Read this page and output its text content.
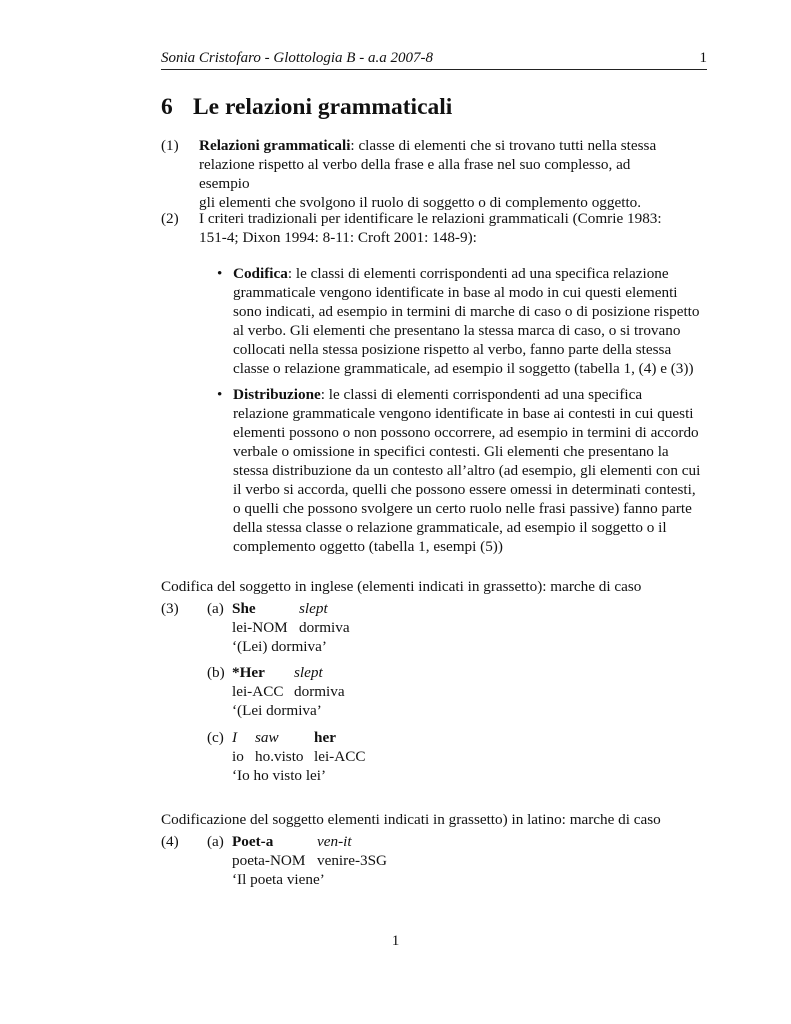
Sonia Cristofaro - Glottologia B - a.a 2007-8	1
6 Le relazioni grammaticali
(1) Relazioni grammaticali: classe di elementi che si trovano tutti nella stessa
relazione rispetto al verbo della frase e alla frase nel suo complesso, ad esempio
gli elementi che svolgono il ruolo di soggetto o di complemento oggetto.
(2) I criteri tradizionali per identificare le relazioni grammaticali (Comrie 1983:
151-4; Dixon 1994: 8-11: Croft 2001: 148-9):
• Codifica: le classi di elementi corrispondenti ad una specifica relazione
grammaticale vengono identificate in base al modo in cui questi elementi
sono indicati, ad esempio in termini di marche di caso o di posizione rispetto
al verbo. Gli elementi che presentano la stessa marca di caso, o si trovano
collocati nella stessa posizione rispetto al verbo, fanno parte della stessa
classe o relazione grammaticale, ad esempio il soggetto (tabella 1, (4) e (3))
• Distribuzione: le classi di elementi corrispondenti ad una specifica
relazione grammaticale vengono identificate in base ai contesti in cui questi
elementi possono o non possono occorrere, ad esempio in termini di accordo
verbale o omissione in specifici contesti. Gli elementi che presentano la
stessa distribuzione da un contesto all’altro (ad esempio, gli elementi con cui
il verbo si accorda, quelli che possono essere omessi in determinati contesti,
o quelli che possono svolgere un certo ruolo nelle frasi passive) fanno parte
della stessa classe o relazione grammaticale, ad esempio il soggetto o il
complemento oggetto (tabella 1, esempi (5))
Codifica del soggetto in inglese (elementi indicati in grassetto): marche di caso
(3) (a) She	slept
lei-NOM dormiva
‘(Lei) dormiva’
(b) *Her slept
lei-ACC dormiva
‘(Lei dormiva’
(c) I saw her
io ho.visto lei-ACC
‘Io ho visto lei’
Codificazione del soggetto elementi indicati in grassetto) in latino: marche di caso
(4) (a) Poet-a	ven-it
poeta-NOM venire-3SG
‘Il poeta viene’
1
